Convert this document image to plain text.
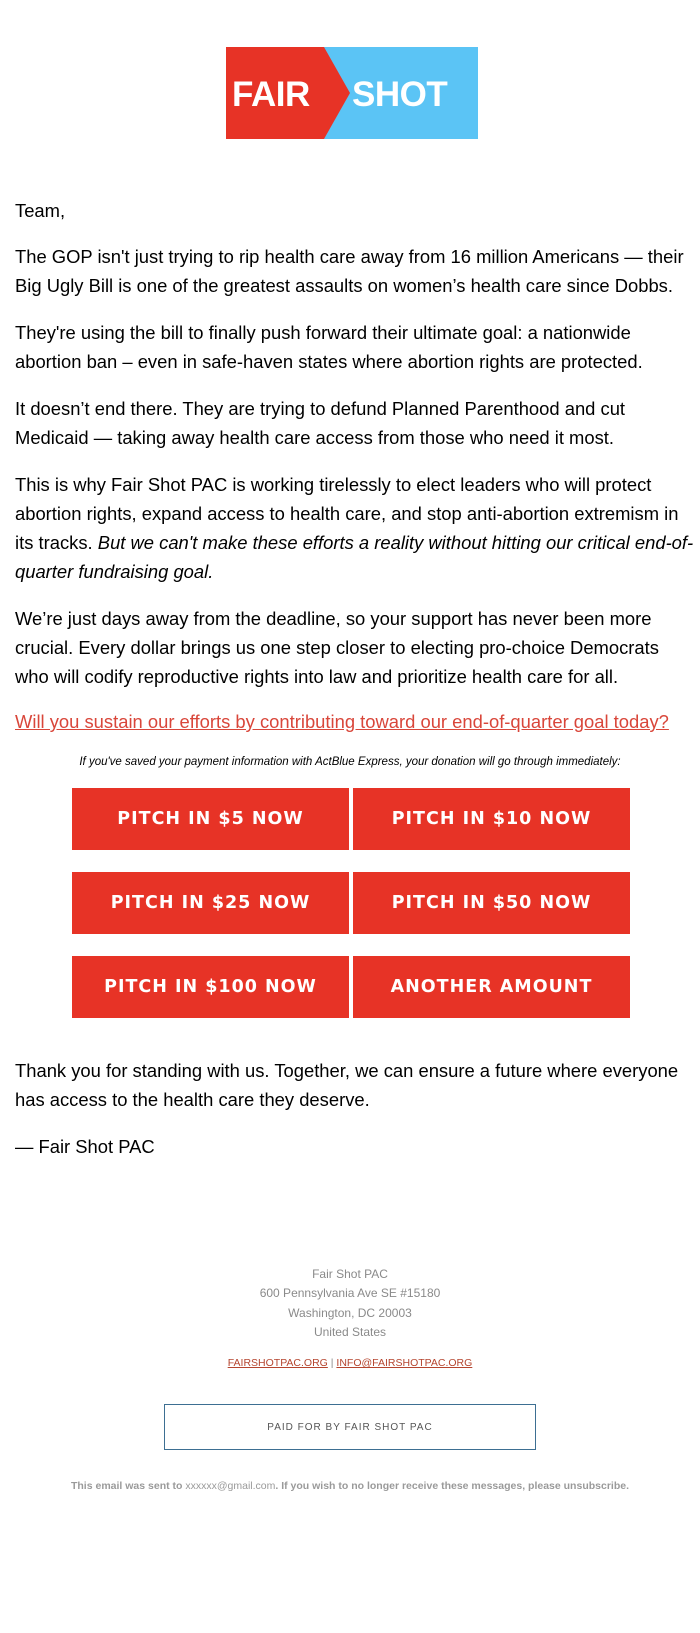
FAIR SHOT

Team,

The GOP isn't just trying to rip health care away from 16 million Americans — their Big Ugly Bill is one of the greatest assaults on women’s health care since Dobbs.

They're using the bill to finally push forward their ultimate goal: a nationwide abortion ban – even in safe-haven states where abortion rights are protected.

It doesn’t end there. They are trying to defund Planned Parenthood and cut Medicaid — taking away health care access from those who need it most.

This is why Fair Shot PAC is working tirelessly to elect leaders who will protect abortion rights, expand access to health care, and stop anti-abortion extremism in its tracks. But we can't make these efforts a reality without hitting our critical end-of-quarter fundraising goal.

We’re just days away from the deadline, so your support has never been more crucial. Every dollar brings us one step closer to electing pro-choice Democrats who will codify reproductive rights into law and prioritize health care for all.

Will you sustain our efforts by contributing toward our end-of-quarter goal today?
If you've saved your payment information with ActBlue Express, your donation will go through immediately:
PITCH IN $5 NOW	PITCH IN $10 NOW
PITCH IN $25 NOW	PITCH IN $50 NOW
PITCH IN $100 NOW	ANOTHER AMOUNT

Thank you for standing with us. Together, we can ensure a future where everyone has access to the health care they deserve.

— Fair Shot PAC

Fair Shot PAC
600 Pennsylvania Ave SE #15180
Washington, DC 20003
United States
FAIRSHOTPAC.ORG | INFO@FAIRSHOTPAC.ORG
PAID FOR BY FAIR SHOT PAC
This email was sent to xxxxxx@gmail.com. If you wish to no longer receive these messages, please unsubscribe.
